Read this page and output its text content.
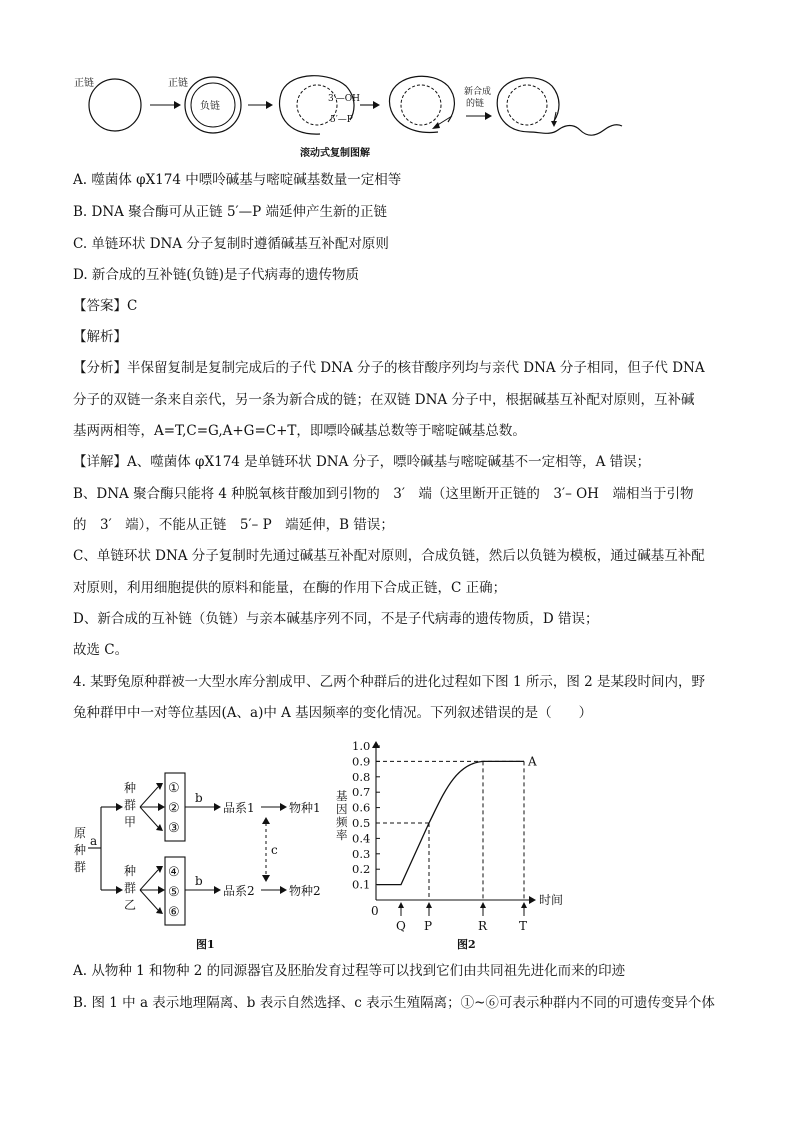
正链	正链
负链
3′—OH
5′—P
新合成
的链
滚动式复制图解
A. 噬菌体 φX174 中嘌呤碱基与嘧啶碱基数量一定相等
B. DNA 聚合酶可从正链 5′—P 端延伸产生新的正链
C. 单链环状 DNA 分子复制时遵循碱基互补配对原则
D. 新合成的互补链(负链)是子代病毒的遗传物质
【答案】C
【解析】
【分析】半保留复制是复制完成后的子代 DNA 分子的核苷酸序列均与亲代 DNA 分子相同，但子代 DNA
分子的双链一条来自亲代，另一条为新合成的链；在双链 DNA 分子中，根据碱基互补配对原则，互补碱
基两两相等，A=T,C=G,A+G=C+T，即嘌呤碱基总数等于嘧啶碱基总数。
【详解】A、噬菌体 φX174 是单链环状 DNA 分子，嘌呤碱基与嘧啶碱基不一定相等，A 错误；
B、DNA 聚合酶只能将 4 种脱氧核苷酸加到引物的　3′　端（这里断开正链的　3′– OH　端相当于引物
的　3′　端），不能从正链　5′– P　端延伸，B 错误；
C、单链环状 DNA 分子复制时先通过碱基互补配对原则，合成负链，然后以负链为模板，通过碱基互补配
对原则，利用细胞提供的原料和能量，在酶的作用下合成正链，C 正确；
D、新合成的互补链（负链）与亲本碱基序列不同，不是子代病毒的遗传物质，D 错误；
故选 C。
4. 某野兔原种群被一大型水库分割成甲、乙两个种群后的进化过程如下图 1 所示，图 2 是某段时间内，野
兔种群甲中一对等位基因(A、a)中 A 基因频率的变化情况。下列叙述错误的是（　　）
原
种
群
a
种
群
甲
种
群
乙
①
②
③
④
⑤
⑥
b
b
品系1
品系2
c
物种1
物种2
图1
0.1
0.2
0.3
0.4
0.5
0.6
0.7
0.8
0.9
1.0
Q P	R	T
0
时间
A
图2
基因频率
A. 从物种 1 和物种 2 的同源器官及胚胎发育过程等可以找到它们由共同祖先进化而来的印迹
B. 图 1 中 a 表示地理隔离、b 表示自然选择、c 表示生殖隔离；①~⑥可表示种群内不同的可遗传变异个体
